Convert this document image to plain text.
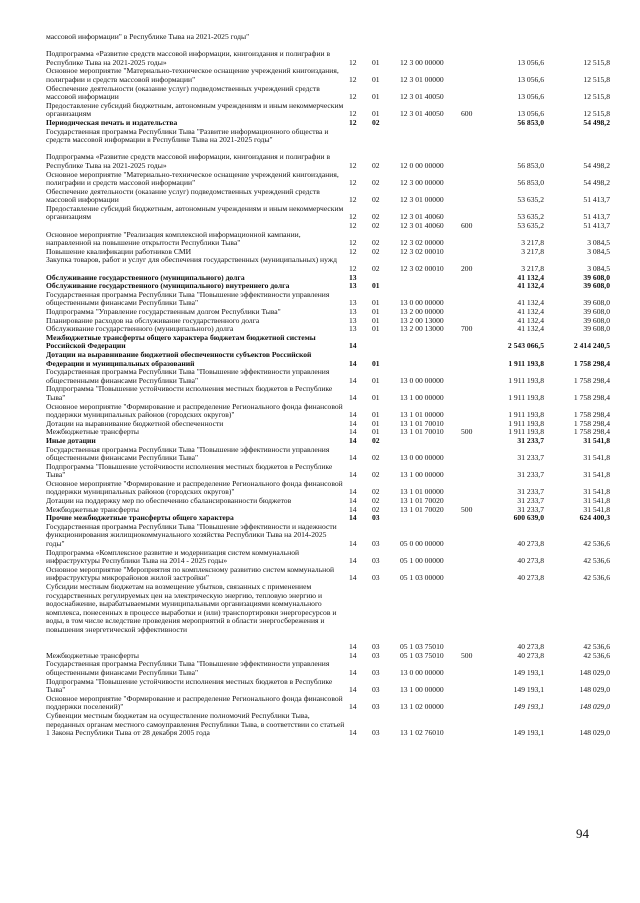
массовой информации" в Республике Тыва на 2021-2025 годы"
Подпрограмма «Развитие средств массовой информации, книгоиздания и полиграфии в Республике Тыва на 2021-2025 годы»	12	01	12 3 00 00000	13 056,6	12 515,8
Основное мероприятие "Материально-техническое оснащение учреждений книгоиздания, полиграфии и средств массовой информации"	12	01	12 3 01 00000	13 056,6	12 515,8
Обеспечение деятельности (оказание услуг) подведомственных учреждений средств массовой информации	12	01	12 3 01 40050	13 056,6	12 515,8
Предоставление субсидий бюджетным, автономным учреждениям и иным некоммерческим организациям	12	01	12 3 01 40050	600	13 056,6	12 515,8
Периодическая печать и издательства	12	02	56 853,0	54 498,2
Государственная программа Республики Тыва "Развитие информационного общества и средств массовой информации в Республике Тыва на 2021-2025 годы"
Подпрограмма «Развитие средств массовой информации, книгоиздания и полиграфии в Республике Тыва на 2021-2025 годы»	12	02	12 0 00 00000	56 853,0	54 498,2
Основное мероприятие "Материально-техническое оснащение учреждений книгоиздания, полиграфии и средств массовой информации"	12	02	12 3 00 00000	56 853,0	54 498,2
Обеспечение деятельности (оказание услуг) подведомственных учреждений средств массовой информации	12	02	12 3 01 00000	53 635,2	51 413,7
Предоставление субсидий бюджетным, автономным учреждениям и иным некоммерческим организациям	12	02	12 3 01 40060	53 635,2	51 413,7
12	02	12 3 01 40060	600	53 635,2	51 413,7
Основное мероприятие "Реализация комплексной информационной кампании, направленной на повышение открытости Республики Тыва"	12	02	12 3 02 00000	3 217,8	3 084,5
Повышение квалификации работников СМИ	12	02	12 3 02 00010	3 217,8	3 084,5
Закупка товаров, работ и услуг для обеспечения государственных (муниципальных) нужд
12	02	12 3 02 00010	200	3 217,8	3 084,5
Обслуживание государственного (муниципального) долга	13	41 132,4	39 608,0
Обслуживание государственного (муниципального) внутреннего долга	13	01	41 132,4	39 608,0
Государственная программа Республики Тыва "Повышение эффективности управления общественными финансами Республики Тыва"	13	01	13 0 00 00000	41 132,4	39 608,0
Подпрограмма "Управление государственным долгом Республики Тыва"	13	01	13 2 00 00000	41 132,4	39 608,0
Планирование расходов на обслуживание государственного долга	13	01	13 2 00 13000	41 132,4	39 608,0
Обслуживание государственного (муниципального) долга	13	01	13 2 00 13000	700	41 132,4	39 608,0
Межбюджетные трансферты общего характера бюджетам бюджетной системы Российской Федерации	14	2 543 066,5	2 414 240,5
Дотации на выравнивание бюджетной обеспеченности субъектов Российской Федерации и муниципальных образований	14	01	1 911 193,8	1 758 298,4
Государственная программа Республики Тыва "Повышение эффективности управления общественными финансами Республики Тыва"	14	01	13 0 00 00000	1 911 193,8	1 758 298,4
Подпрограмма "Повышение устойчивости исполнения местных бюджетов в Республике Тыва"	14	01	13 1 00 00000	1 911 193,8	1 758 298,4
Основное мероприятие "Формирование и распределение Регионального фонда финансовой поддержки муниципальных районов (городских округов)"	14	01	13 1 01 00000	1 911 193,8	1 758 298,4
Дотации на выравнивание бюджетной обеспеченности	14	01	13 1 01 70010	1 911 193,8	1 758 298,4
Межбюджетные трансферты	14	01	13 1 01 70010	500	1 911 193,8	1 758 298,4
Иные дотации	14	02	31 233,7	31 541,8
Государственная программа Республики Тыва "Повышение эффективности управления общественными финансами Республики Тыва"	14	02	13 0 00 00000	31 233,7	31 541,8
Подпрограмма "Повышение устойчивости исполнения местных бюджетов в Республике Тыва"	14	02	13 1 00 00000	31 233,7	31 541,8
Основное мероприятие "Формирование и распределение Регионального фонда финансовой поддержки муниципальных районов (городских округов)"	14	02	13 1 01 00000	31 233,7	31 541,8
Дотации на поддержку мер по обеспечению сбалансированности бюджетов	14	02	13 1 01 70020	31 233,7	31 541,8
Межбюджетные трансферты	14	02	13 1 01 70020	500	31 233,7	31 541,8
Прочие межбюджетные трансферты общего характера	14	03	600 639,0	624 400,3
Государственная программа Республики Тыва "Повышение эффективности и надежности функционирования жилищнокоммунального хозяйства Республики Тыва на 2014-2025 годы"	14	03	05 0 00 00000	40 273,8	42 536,6
Подпрограмма «Комплексное развитие и модернизация систем коммунальной инфраструктуры Республики Тыва на 2014 - 2025 годы»	14	03	05 1 00 00000	40 273,8	42 536,6
Основное мероприятие "Мероприятия по комплексному развитию систем коммунальной инфраструктуры микрорайонов жилой застройки"	14	03	05 1 03 00000	40 273,8	42 536,6
Субсидии местным бюджетам на возмещение убытков, связанных с применением государственных регулируемых цен на электрическую энергию, тепловую энергию и водоснабжение, вырабатываемыми муниципальными организациями коммунального комплекса, понесенных в процессе выработки и (или) транспортировки энергоресурсов и воды, в том числе вследствие проведения мероприятий в области энергосбережения и повышения энергетической эффективности
14	03	05 1 03 75010	40 273,8	42 536,6
Межбюджетные трансферты	14	03	05 1 03 75010	500	40 273,8	42 536,6
Государственная программа Республики Тыва "Повышение эффективности управления общественными финансами Республики Тыва"	14	03	13 0 00 00000	149 193,1	148 029,0
Подпрограмма "Повышение устойчивости исполнения местных бюджетов в Республике Тыва"	14	03	13 1 00 00000	149 193,1	148 029,0
Основное мероприятие "Формирование и распределение Регионального фонда финансовой поддержки поселений)"	14	03	13 1 02 00000	149 193,1	148 029,0
Субвенции местным бюджетам на осуществление полномочий Республики Тыва, переданных органам местного самоуправления Республики Тыва, в соответствии со статьей 1 Закона Республики Тыва от 28 декабря 2005 года	14	03	13 1 02 76010	149 193,1	148 029,0
94
